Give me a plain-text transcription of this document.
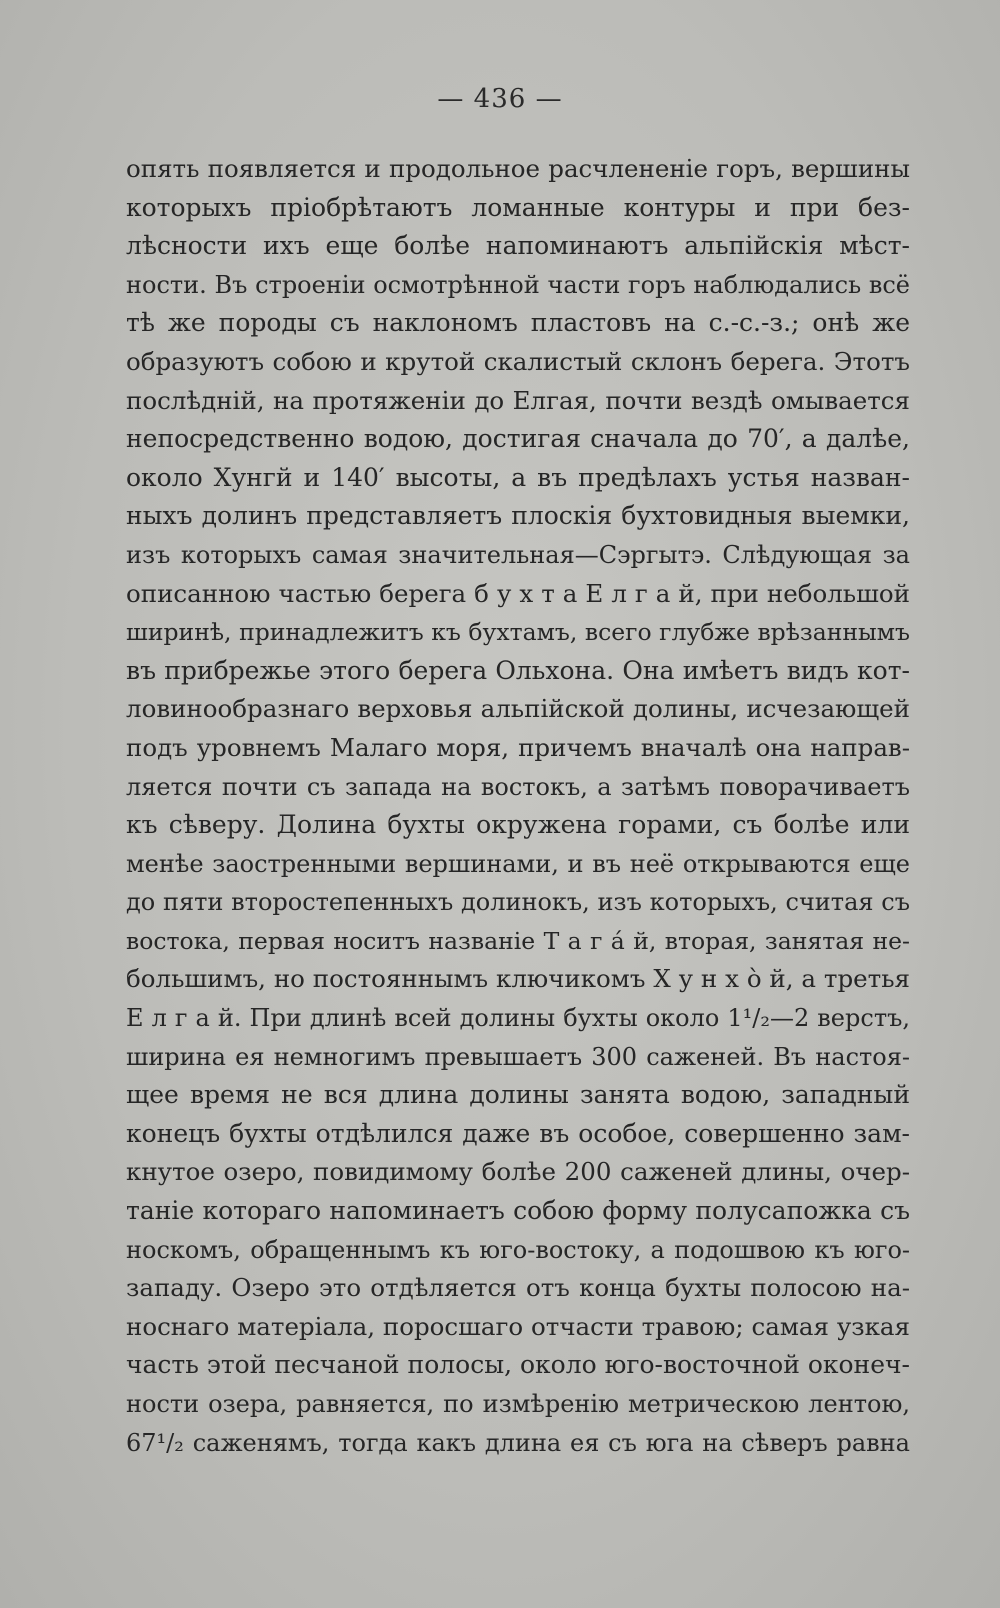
— 436 —
опять появляется и продольное расчлененіе горъ, вершины
которыхъ пріобрѣтаютъ ломанные контуры и при без-
лѣсности ихъ еще болѣе напоминаютъ альпійскія мѣст-
ности. Въ строеніи осмотрѣнной части горъ наблюдались всё
тѣ же породы съ наклономъ пластовъ на с.-с.-з.; онѣ же
образуютъ собою и крутой скалистый склонъ берега. Этотъ
послѣдній, на протяженіи до Елгая, почти вездѣ омывается
непосредственно водою, достигая сначала до 70′, а далѣе,
около Хунгй и 140′ высоты, а въ предѣлахъ устья назван-
ныхъ долинъ представляетъ плоскія бухтовидныя выемки,
изъ которыхъ самая значительная—Сэргытэ. Слѣдующая за
описанною частью берега б у х т а Е л г а й, при небольшой
ширинѣ, принадлежитъ къ бухтамъ, всего глубже врѣзаннымъ
въ прибрежье этого берега Ольхона. Она имѣетъ видъ кот-
ловинообразнаго верховья альпійской долины, исчезающей
подъ уровнемъ Малаго моря, причемъ вначалѣ она направ-
ляется почти съ запада на востокъ, а затѣмъ поворачиваетъ
къ сѣверу. Долина бухты окружена горами, съ болѣе или
менѣе заостренными вершинами, и въ неё открываются еще
до пяти второстепенныхъ долинокъ, изъ которыхъ, считая съ
востока, первая носитъ названіе Т а г а́ й, вторая, занятая не-
большимъ, но постояннымъ ключикомъ Х у н х о̀ й, а третья
Е л г а й. При длинѣ всей долины бухты около 1¹/₂—2 верстъ,
ширина ея немногимъ превышаетъ 300 саженей. Въ настоя-
щее время не вся длина долины занята водою, западный
конецъ бухты отдѣлился даже въ особое, совершенно зам-
кнутое озеро, повидимому болѣе 200 саженей длины, очер-
таніе котораго напоминаетъ собою форму полусапожка съ
носкомъ, обращеннымъ къ юго-востоку, а подошвою къ юго-
западу. Озеро это отдѣляется отъ конца бухты полосою на-
носнаго матеріала, поросшаго отчасти травою; самая узкая
часть этой песчаной полосы, около юго-восточной оконеч-
ности озера, равняется, по измѣренію метрическою лентою,
67¹/₂ саженямъ, тогда какъ длина ея съ юга на сѣверъ равна
